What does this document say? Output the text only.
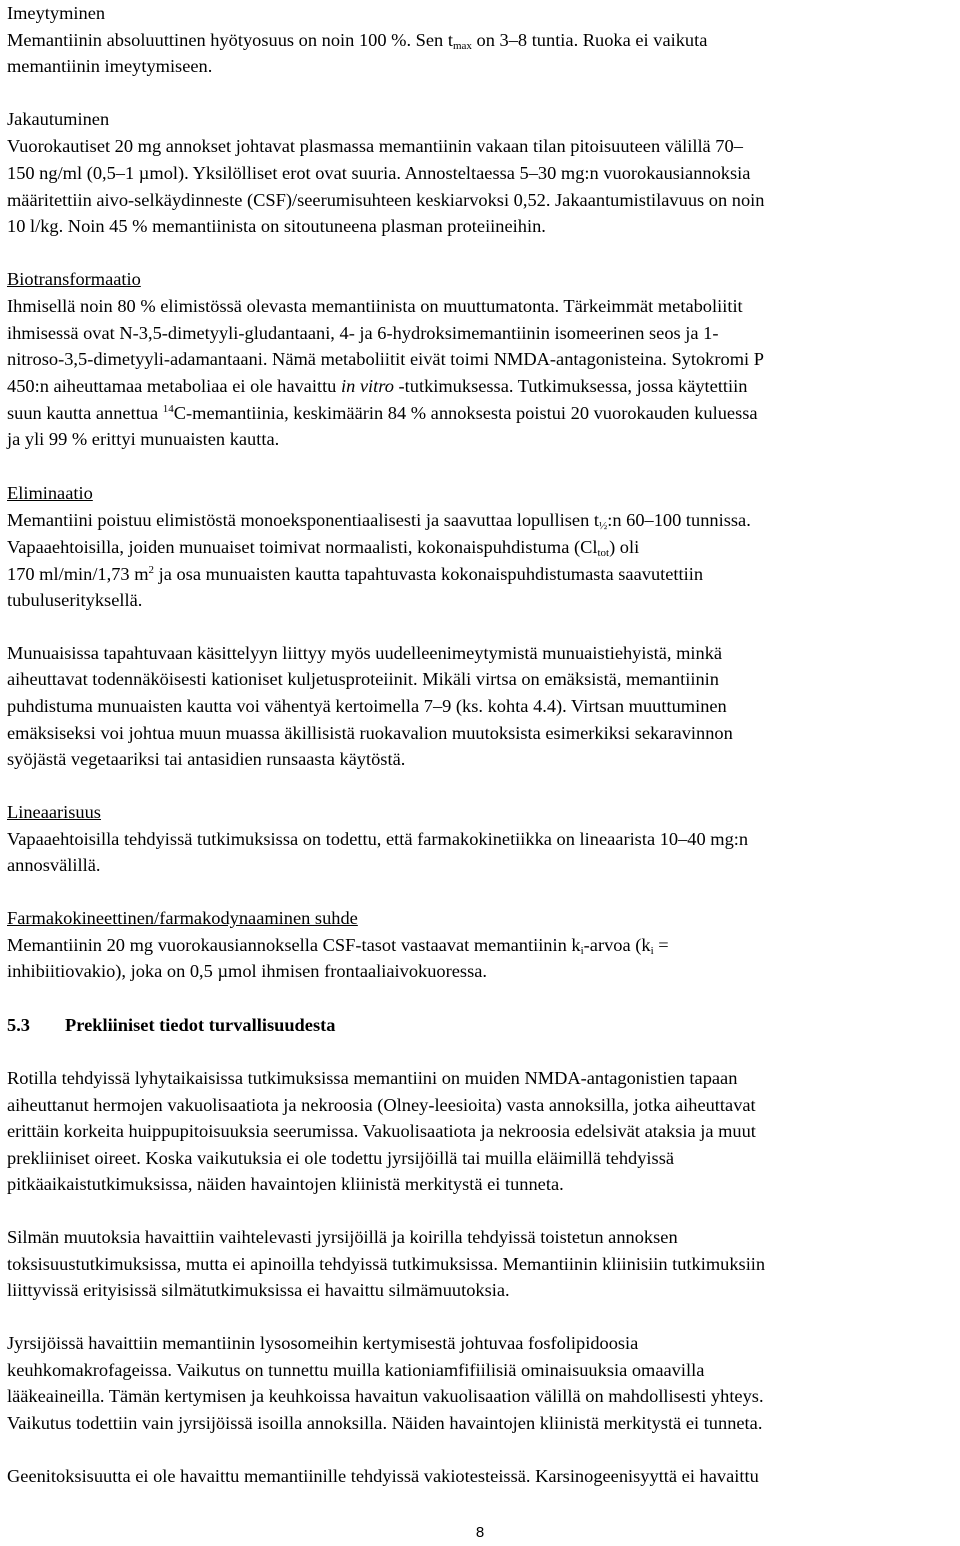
Imeytyminen
Memantiinin absoluuttinen hyötyosuus on noin 100 %. Sen $t_{max}$ on 3–8 tuntia. Ruoka ei vaikuta
memantiinin imeytymiseen.
Jakautuminen
Vuorokautiset 20 mg annokset johtavat plasmassa memantiinin vakaan tilan pitoisuuteen välillä 70–
150 ng/ml (0,5–1 µmol). Yksilölliset erot ovat suuria. Annosteltaessa 5–30 mg:n vuorokausiannoksia
määritettiin aivo-selkäydinneste (CSF)/seerumisuhteen keskiarvoksi 0,52. Jakaantumistilavuus on noin
10 l/kg. Noin 45 % memantiinista on sitoutuneena plasman proteiineihin.
Biotransformaatio
Ihmisellä noin 80 % elimistössä olevasta memantiinista on muuttumatonta. Tärkeimmät metaboliitit
ihmisessä ovat N-3,5-dimetyyli-gludantaani, 4- ja 6-hydroksimemantiinin isomeerinen seos ja 1-
nitroso-3,5-dimetyyli-adamantaani. Nämä metaboliitit eivät toimi NMDA-antagonisteina. Sytokromi P
450:n aiheuttamaa metaboliaa ei ole havaittu in vitro -tutkimuksessa. Tutkimuksessa, jossa käytettiin
suun kautta annettua $^{14}$C-memantiinia, keskimäärin 84 % annoksesta poistui 20 vuorokauden kuluessa
ja yli 99 % erittyi munuaisten kautta.
Eliminaatio
Memantiini poistuu elimistöstä monoeksponentiaalisesti ja saavuttaa lopullisen $t_{\frac{1}{2}}:n$ 60–100 tunnissa.
Vapaaehtoisilla, joiden munuaiset toimivat normaalisti, kokonaispuhdistuma $(Cl_{tot})$ oli
170 ml/min/1,73 $m^2$ ja osa munuaisten kautta tapahtuvasta kokonaispuhdistumasta saavutettiin
tubuluserityksellä.
Munuaisissa tapahtuvaan käsittelyyn liittyy myös uudelleenimeytymistä munuaistiehyistä, minkä
aiheuttavat todennäköisesti kationiset kuljetusproteiinit. Mikäli virtsa on emäksistä, memantiinin
puhdistuma munuaisten kautta voi vähentyä kertoimella 7–9 (ks. kohta 4.4). Virtsan muuttuminen
emäksiseksi voi johtua muun muassa äkillisistä ruokavalion muutoksista esimerkiksi sekaravinnon
syöjästä vegetaariksi tai antasidien runsaasta käytöstä.
Lineaarisuus
Vapaaehtoisilla tehdyissä tutkimuksissa on todettu, että farmakokinetiikka on lineaarista 10–40 mg:n
annosvälillä.
Farmakokineettinen/farmakodynaaminen suhde
Memantiinin 20 mg vuorokausiannoksella CSF-tasot vastaavat memantiinin $k_i$-arvoa ($k_i$ =
inhibiitiovakio), joka on 0,5 µmol ihmisen frontaaliaivokuoressa.
5.3 Prekliiniset tiedot turvallisuudesta
Rotilla tehdyissä lyhytaikaisissa tutkimuksissa memantiini on muiden NMDA-antagonistien tapaan
aiheuttanut hermojen vakuolisaatiota ja nekroosia (Olney-leesioita) vasta annoksilla, jotka aiheuttavat
erittäin korkeita huippupitoisuuksia seerumissa. Vakuolisaatiota ja nekroosia edelsivät ataksia ja muut
prekliiniset oireet. Koska vaikutuksia ei ole todettu jyrsijöillä tai muilla eläimillä tehdyissä
pitkäaikaistutkimuksissa, näiden havaintojen kliinistä merkitystä ei tunneta.
Silmän muutoksia havaittiin vaihtelevasti jyrsijöillä ja koirilla tehdyissä toistetun annoksen
toksisuustutkimuksissa, mutta ei apinoilla tehdyissä tutkimuksissa. Memantiinin kliinisiin tutkimuksiin
liittyvissä erityisissä silmätutkimuksissa ei havaittu silmämuutoksia.
Jyrsijöissä havaittiin memantiinin lysosomeihin kertymisestä johtuvaa fosfolipidoosia
keuhkomakrofageissa. Vaikutus on tunnettu muilla kationiamfifiilisiä ominaisuuksia omaavilla
lääkeaineilla. Tämän kertymisen ja keuhkoissa havaitun vakuolisaation välillä on mahdollisesti yhteys.
Vaikutus todettiin vain jyrsijöissä isoilla annoksilla. Näiden havaintojen kliinistä merkitystä ei tunneta.
Geenitoksisuutta ei ole havaittu memantiinille tehdyissä vakiotesteissä. Karsinogeenisyyttä ei havaittu
8
